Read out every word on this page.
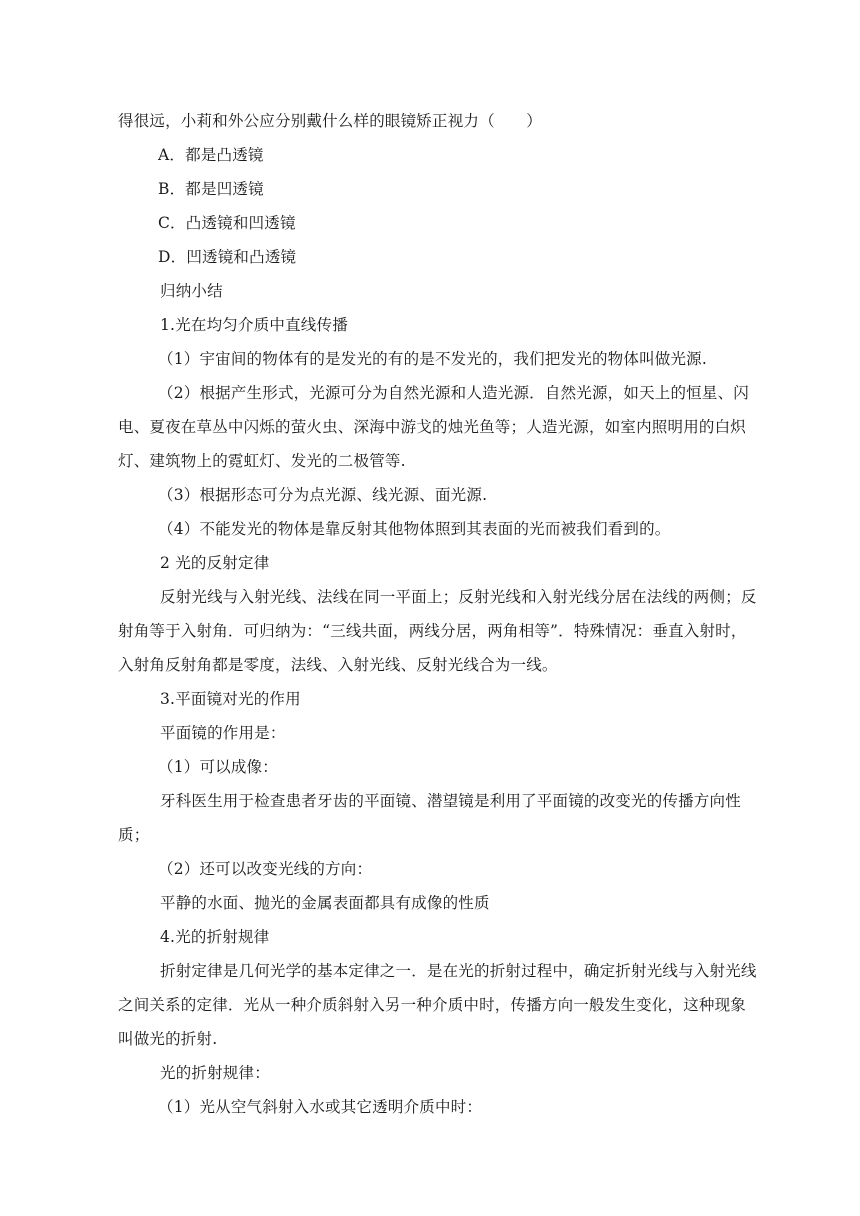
得很远，小莉和外公应分别戴什么样的眼镜矫正视力（　　）
A．都是凸透镜
B．都是凹透镜
C．凸透镜和凹透镜
D．凹透镜和凸透镜
归纳小结
1.光在均匀介质中直线传播
（1）宇宙间的物体有的是发光的有的是不发光的，我们把发光的物体叫做光源.
（2）根据产生形式，光源可分为自然光源和人造光源．自然光源，如天上的恒星、闪
电、夏夜在草丛中闪烁的萤火虫、深海中游戈的烛光鱼等；人造光源，如室内照明用的白炽
灯、建筑物上的霓虹灯、发光的二极管等.
（3）根据形态可分为点光源、线光源、面光源.
（4）不能发光的物体是靠反射其他物体照到其表面的光而被我们看到的。
2 光的反射定律
反射光线与入射光线、法线在同一平面上；反射光线和入射光线分居在法线的两侧；反
射角等于入射角．可归纳为：“三线共面，两线分居，两角相等”．特殊情况：垂直入射时，
入射角反射角都是零度，法线、入射光线、反射光线合为一线。
3.平面镜对光的作用
平面镜的作用是：
（1）可以成像：
牙科医生用于检查患者牙齿的平面镜、潜望镜是利用了平面镜的改变光的传播方向性
质；
（2）还可以改变光线的方向：
平静的水面、抛光的金属表面都具有成像的性质
4.光的折射规律
折射定律是几何光学的基本定律之一．是在光的折射过程中，确定折射光线与入射光线
之间关系的定律．光从一种介质斜射入另一种介质中时，传播方向一般发生变化，这种现象
叫做光的折射.
光的折射规律：
（1）光从空气斜射入水或其它透明介质中时：
